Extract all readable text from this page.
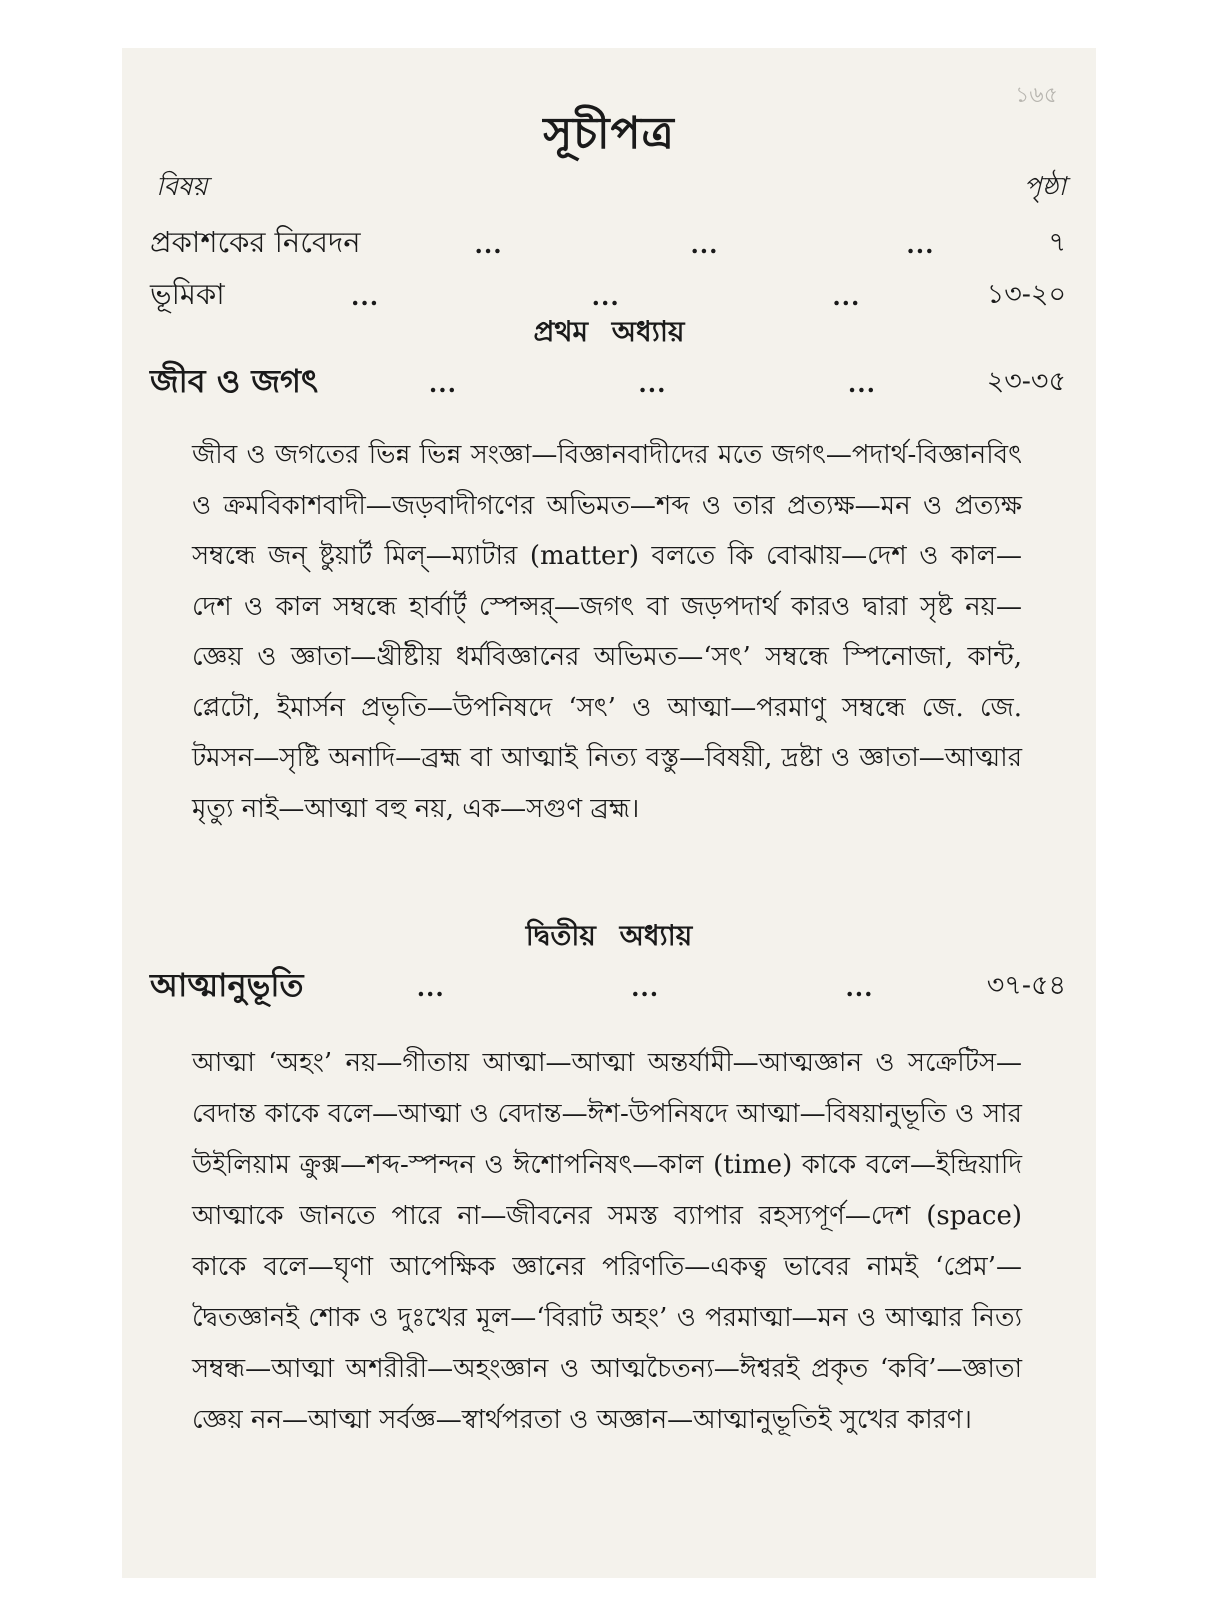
১৬৫
সূচীপত্র
বিষয়	পৃষ্ঠা
প্রকাশকের নিবেদন	...	...	...	৭
ভূমিকা	...	...	...	১৩-২০
প্রথম অধ্যায়
জীব ও জগৎ	...	...	...	২৩-৩৫

জীব ও জগতের ভিন্ন ভিন্ন সংজ্ঞা—বিজ্ঞানবাদীদের মতে জগৎ—পদার্থ-বিজ্ঞানবিৎ ও ক্রমবিকাশবাদী—জড়বাদীগণের অভিমত—শব্দ ও তার প্রত্যক্ষ—মন ও প্রত্যক্ষ সম্বন্ধে জন্ ষ্টুয়ার্ট মিল্—ম্যাটার (matter) বলতে কি বোঝায়—দেশ ও কাল—দেশ ও কাল সম্বন্ধে হার্বার্ট্ স্পেন্সর্—জগৎ বা জড়পদার্থ কারও দ্বারা সৃষ্ট নয়—জ্ঞেয় ও জ্ঞাতা—খ্রীষ্টীয় ধর্মবিজ্ঞানের অভিমত—‘সৎ’ সম্বন্ধে স্পিনোজা, কান্ট, প্লেটো, ইমার্সন প্রভৃতি—উপনিষদে ‘সৎ’ ও আত্মা—পরমাণু সম্বন্ধে জে. জে. টমসন—সৃষ্টি অনাদি—ব্রহ্ম বা আত্মাই নিত্য বস্তু—বিষয়ী, দ্রষ্টা ও জ্ঞাতা—আত্মার মৃত্যু নাই—আত্মা বহু নয়, এক—সগুণ ব্রহ্ম।

দ্বিতীয় অধ্যায়
আত্মানুভূতি	...	...	...	৩৭-৫৪

আত্মা ‘অহং’ নয়—গীতায় আত্মা—আত্মা অন্তর্যামী—আত্মজ্ঞান ও সক্রেটিস—বেদান্ত কাকে বলে—আত্মা ও বেদান্ত—ঈশ-উপনিষদে আত্মা—বিষয়ানুভূতি ও সার উইলিয়াম ক্রুক্স—শব্দ-স্পন্দন ও ঈশোপনিষৎ—কাল (time) কাকে বলে—ইন্দ্রিয়াদি আত্মাকে জানতে পারে না—জীবনের সমস্ত ব্যাপার রহস্যপূর্ণ—দেশ (space) কাকে বলে—ঘৃণা আপেক্ষিক জ্ঞানের পরিণতি—একত্ব ভাবের নামই ‘প্রেম’—দ্বৈতজ্ঞানই শোক ও দুঃখের মূল—‘বিরাট অহং’ ও পরমাত্মা—মন ও আত্মার নিত্য সম্বন্ধ—আত্মা অশরীরী—অহংজ্ঞান ও আত্মচৈতন্য—ঈশ্বরই প্রকৃত ‘কবি’—জ্ঞাতা জ্ঞেয় নন—আত্মা সর্বজ্ঞ—স্বার্থপরতা ও অজ্ঞান—আত্মানুভূতিই সুখের কারণ।
